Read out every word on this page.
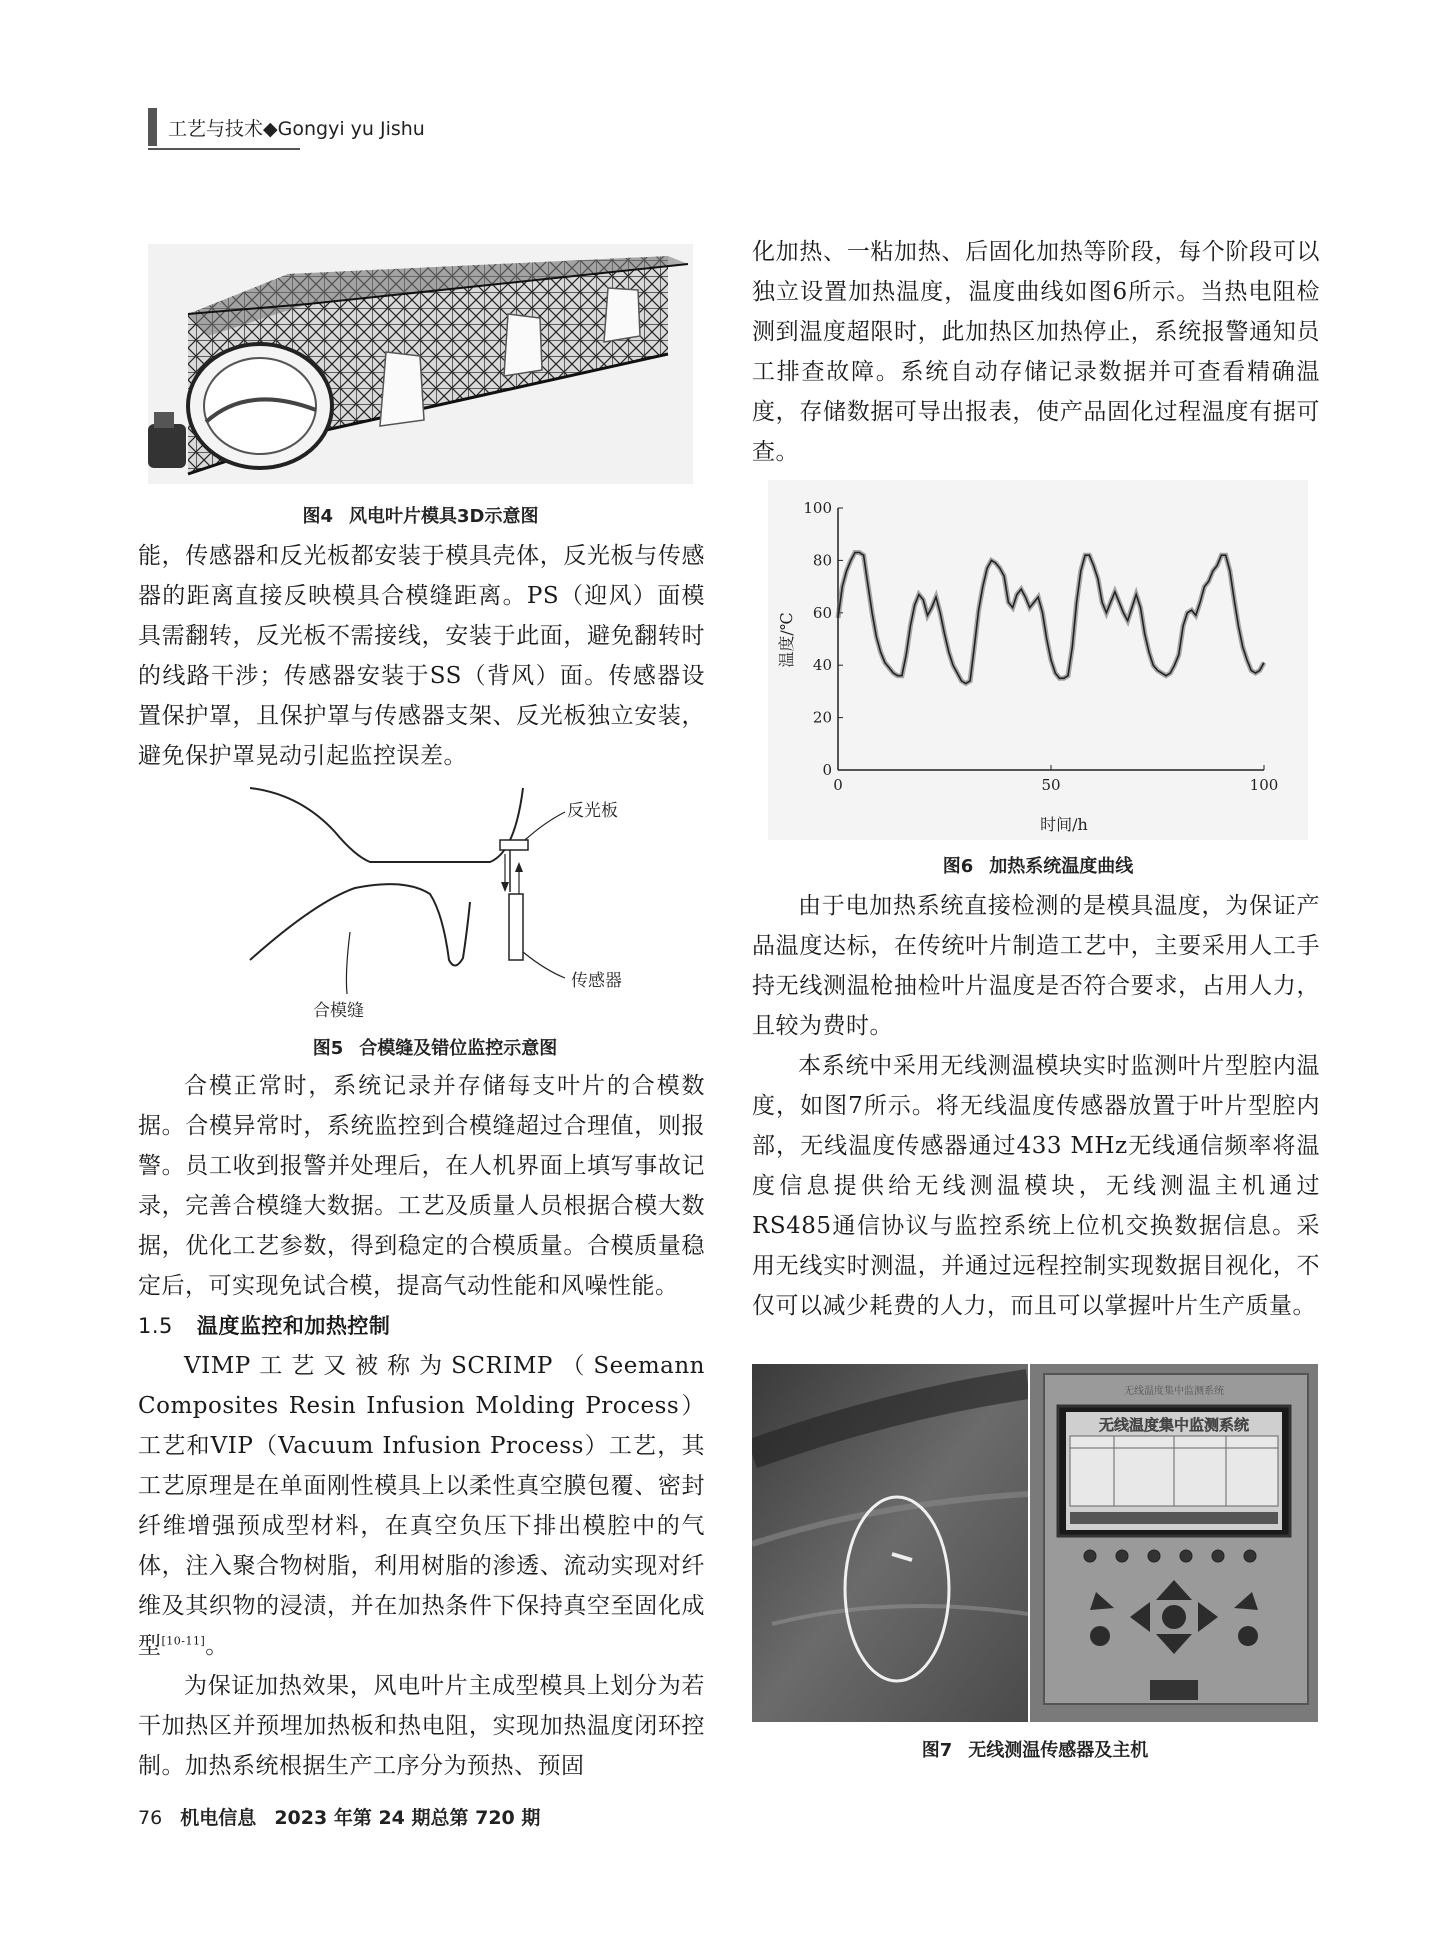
工艺与技术◆Gongyi yu Jishu
图4 风电叶片模具3D示意图

能，传感器和反光板都安装于模具壳体，反光板与传感器的距离直接反映模具合模缝距离。PS（迎风）面模具需翻转，反光板不需接线，安装于此面，避免翻转时的线路干涉；传感器安装于SS（背风）面。传感器设置保护罩，且保护罩与传感器支架、反光板独立安装，避免保护罩晃动引起监控误差。

反光板
传感器
合模缝
图5 合模缝及错位监控示意图

合模正常时，系统记录并存储每支叶片的合模数据。合模异常时，系统监控到合模缝超过合理值，则报警。员工收到报警并处理后，在人机界面上填写事故记录，完善合模缝大数据。工艺及质量人员根据合模大数据，优化工艺参数，得到稳定的合模质量。合模质量稳定后，可实现免试合模，提高气动性能和风噪性能。

1.5 温度监控和加热控制

VIMP工艺又被称为SCRIMP（Seemann Composites Resin Infusion Molding Process）工艺和VIP（Vacuum Infusion Process）工艺，其工艺原理是在单面刚性模具上以柔性真空膜包覆、密封纤维增强预成型材料，在真空负压下排出模腔中的气体，注入聚合物树脂，利用树脂的渗透、流动实现对纤维及其织物的浸渍，并在加热条件下保持真空至固化成型[10-11]。

为保证加热效果，风电叶片主成型模具上划分为若干加热区并预埋加热板和热电阻，实现加热温度闭环控制。加热系统根据生产工序分为预热、预固

化加热、一粘加热、后固化加热等阶段，每个阶段可以独立设置加热温度，温度曲线如图6所示。当热电阻检测到温度超限时，此加热区加热停止，系统报警通知员工排查故障。系统自动存储记录数据并可查看精确温度，存储数据可导出报表，使产品固化过程温度有据可查。

温度/℃
时间/h
0
20
40
60
80
100
0	50	100
图6 加热系统温度曲线

由于电加热系统直接检测的是模具温度，为保证产品温度达标，在传统叶片制造工艺中，主要采用人工手持无线测温枪抽检叶片温度是否符合要求，占用人力，且较为费时。

本系统中采用无线测温模块实时监测叶片型腔内温度，如图7所示。将无线温度传感器放置于叶片型腔内部，无线温度传感器通过433 MHz无线通信频率将温度信息提供给无线测温模块，无线测温主机通过RS485通信协议与监控系统上位机交换数据信息。采用无线实时测温，并通过远程控制实现数据目视化，不仅可以减少耗费的人力，而且可以掌握叶片生产质量。

无线温度集中监测系统
无线温度集中监测系统
图7 无线测温传感器及主机
76 机电信息 2023 年第 24 期总第 720 期
